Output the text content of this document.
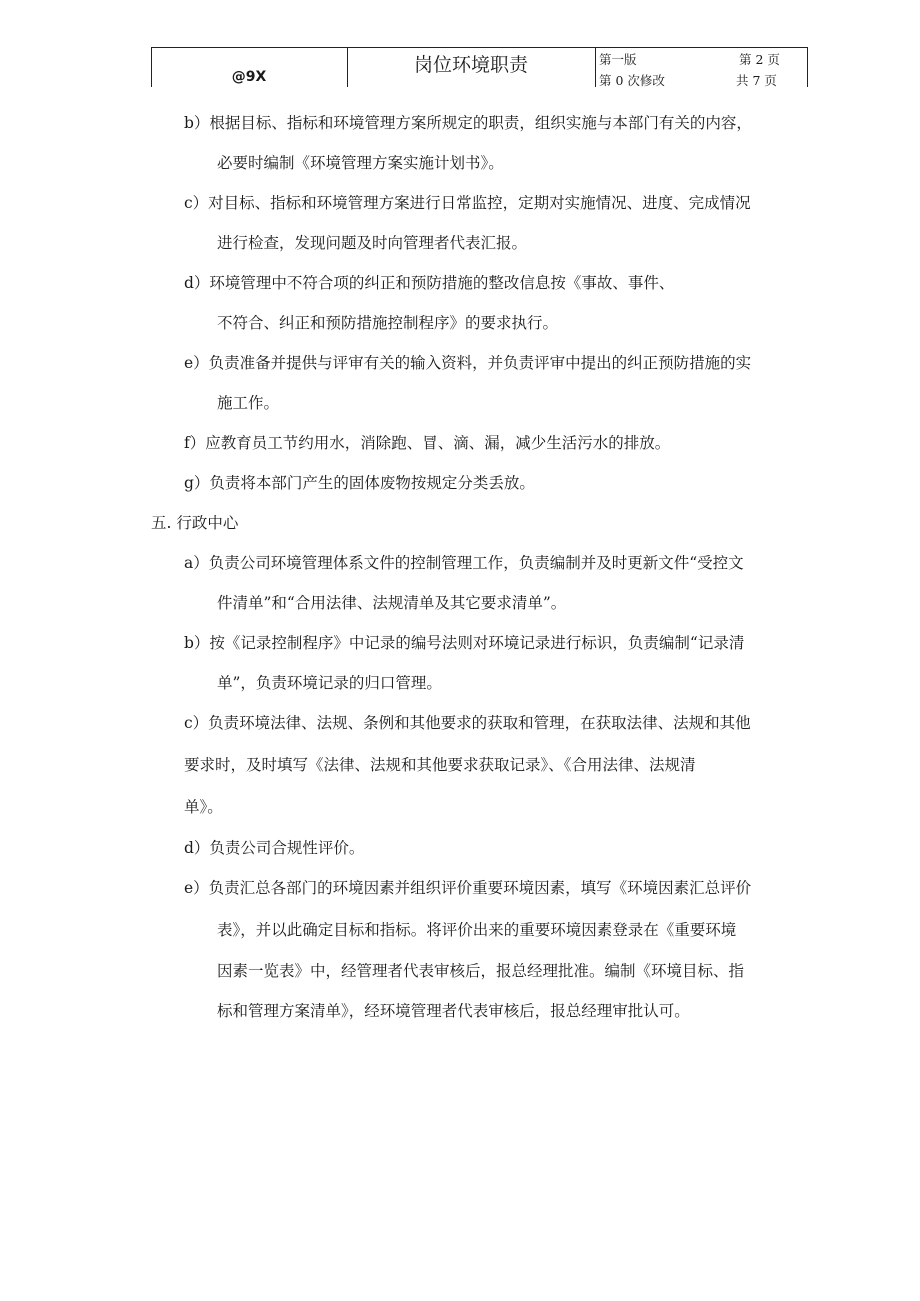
@9X
岗位环境职责	第一版	第 2 页
第 0 次修改	共 7 页
b）根据目标、指标和环境管理方案所规定的职责，组织实施与本部门有关的内容，
必要时编制《环境管理方案实施计划书》。
c）对目标、指标和环境管理方案进行日常监控，定期对实施情况、进度、完成情况
进行检查，发现问题及时向管理者代表汇报。
d）环境管理中不符合项的纠正和预防措施的整改信息按《事故、事件、
不符合、纠正和预防措施控制程序》的要求执行。
e）负责准备并提供与评审有关的输入资料，并负责评审中提出的纠正预防措施的实
施工作。
f）应教育员工节约用水，消除跑、冒、滴、漏，减少生活污水的排放。
g）负责将本部门产生的固体废物按规定分类丢放。
五. 行政中心
a）负责公司环境管理体系文件的控制管理工作，负责编制并及时更新文件“受控文
件清单”和“合用法律、法规清单及其它要求清单”。
b）按《记录控制程序》中记录的编号法则对环境记录进行标识，负责编制“记录清
单”，负责环境记录的归口管理。
c）负责环境法律、法规、条例和其他要求的获取和管理，在获取法律、法规和其他
要求时，及时填写《法律、法规和其他要求获取记录》、《合用法律、法规清
单》。
d）负责公司合规性评价。
e）负责汇总各部门的环境因素并组织评价重要环境因素，填写《环境因素汇总评价
表》，并以此确定目标和指标。将评价出来的重要环境因素登录在《重要环境
因素一览表》中，经管理者代表审核后，报总经理批准。编制《环境目标、指
标和管理方案清单》，经环境管理者代表审核后，报总经理审批认可。
